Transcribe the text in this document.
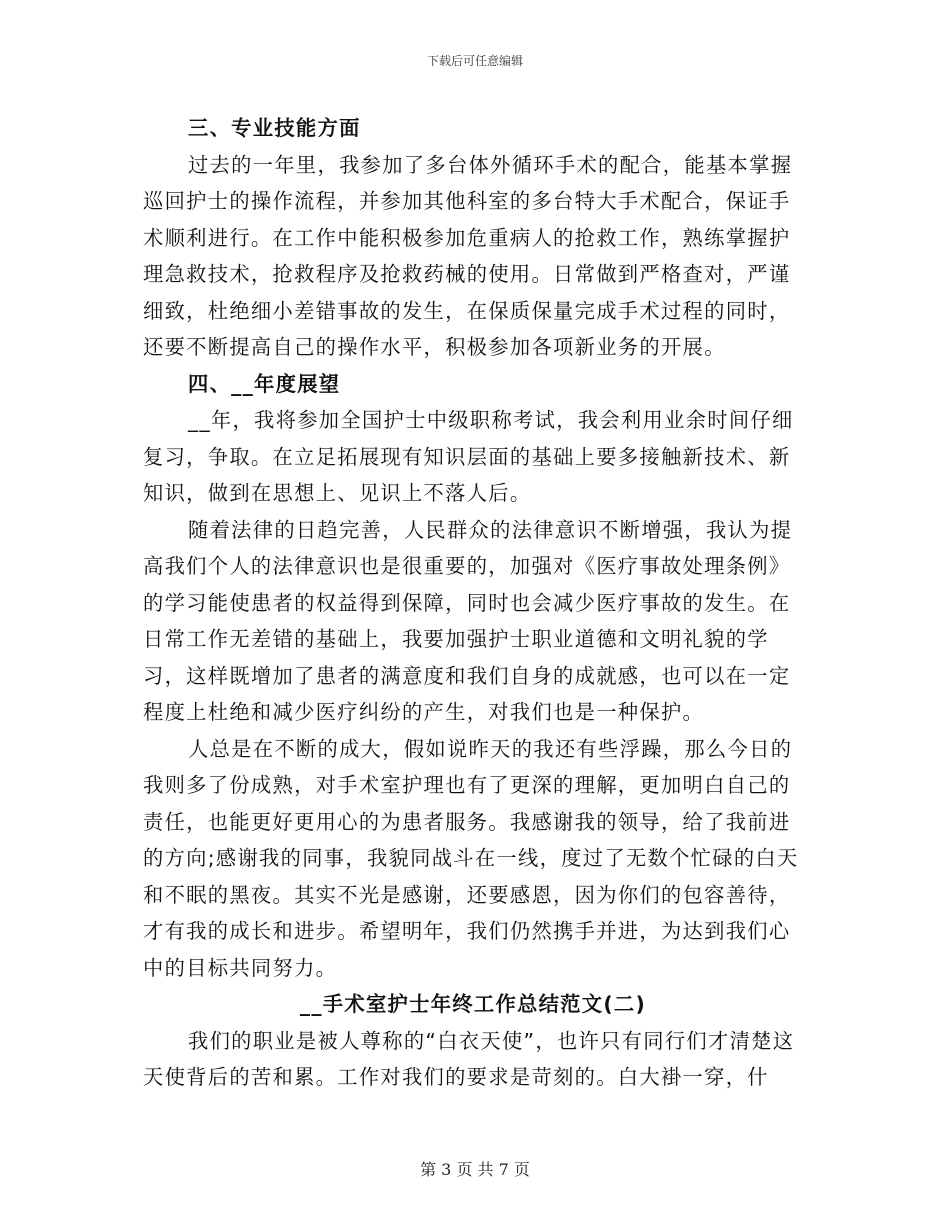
下载后可任意编辑

三、专业技能方面

过去的一年里，我参加了多台体外循环手术的配合，能基本掌握巡回护士的操作流程，并参加其他科室的多台特大手术配合，保证手术顺利进行。在工作中能积极参加危重病人的抢救工作，熟练掌握护理急救技术，抢救程序及抢救药械的使用。日常做到严格查对，严谨细致，杜绝细小差错事故的发生，在保质保量完成手术过程的同时，还要不断提高自己的操作水平，积极参加各项新业务的开展。

四、__年度展望

__年，我将参加全国护士中级职称考试，我会利用业余时间仔细复习，争取。在立足拓展现有知识层面的基础上要多接触新技术、新知识，做到在思想上、见识上不落人后。

随着法律的日趋完善，人民群众的法律意识不断增强，我认为提高我们个人的法律意识也是很重要的，加强对《医疗事故处理条例》的学习能使患者的权益得到保障，同时也会减少医疗事故的发生。在日常工作无差错的基础上，我要加强护士职业道德和文明礼貌的学习，这样既增加了患者的满意度和我们自身的成就感，也可以在一定程度上杜绝和减少医疗纠纷的产生，对我们也是一种保护。

人总是在不断的成大，假如说昨天的我还有些浮躁，那么今日的我则多了份成熟，对手术室护理也有了更深的理解，更加明白自己的责任，也能更好更用心的为患者服务。我感谢我的领导，给了我前进的方向;感谢我的同事，我貌同战斗在一线，度过了无数个忙碌的白天和不眠的黑夜。其实不光是感谢，还要感恩，因为你们的包容善待，才有我的成长和进步。希望明年，我们仍然携手并进，为达到我们心中的目标共同努力。

__手术室护士年终工作总结范文(二)

我们的职业是被人尊称的“白衣天使”，也许只有同行们才清楚这天使背后的苦和累。工作对我们的要求是苛刻的。白大褂一穿，什

第 3 页 共 7 页
